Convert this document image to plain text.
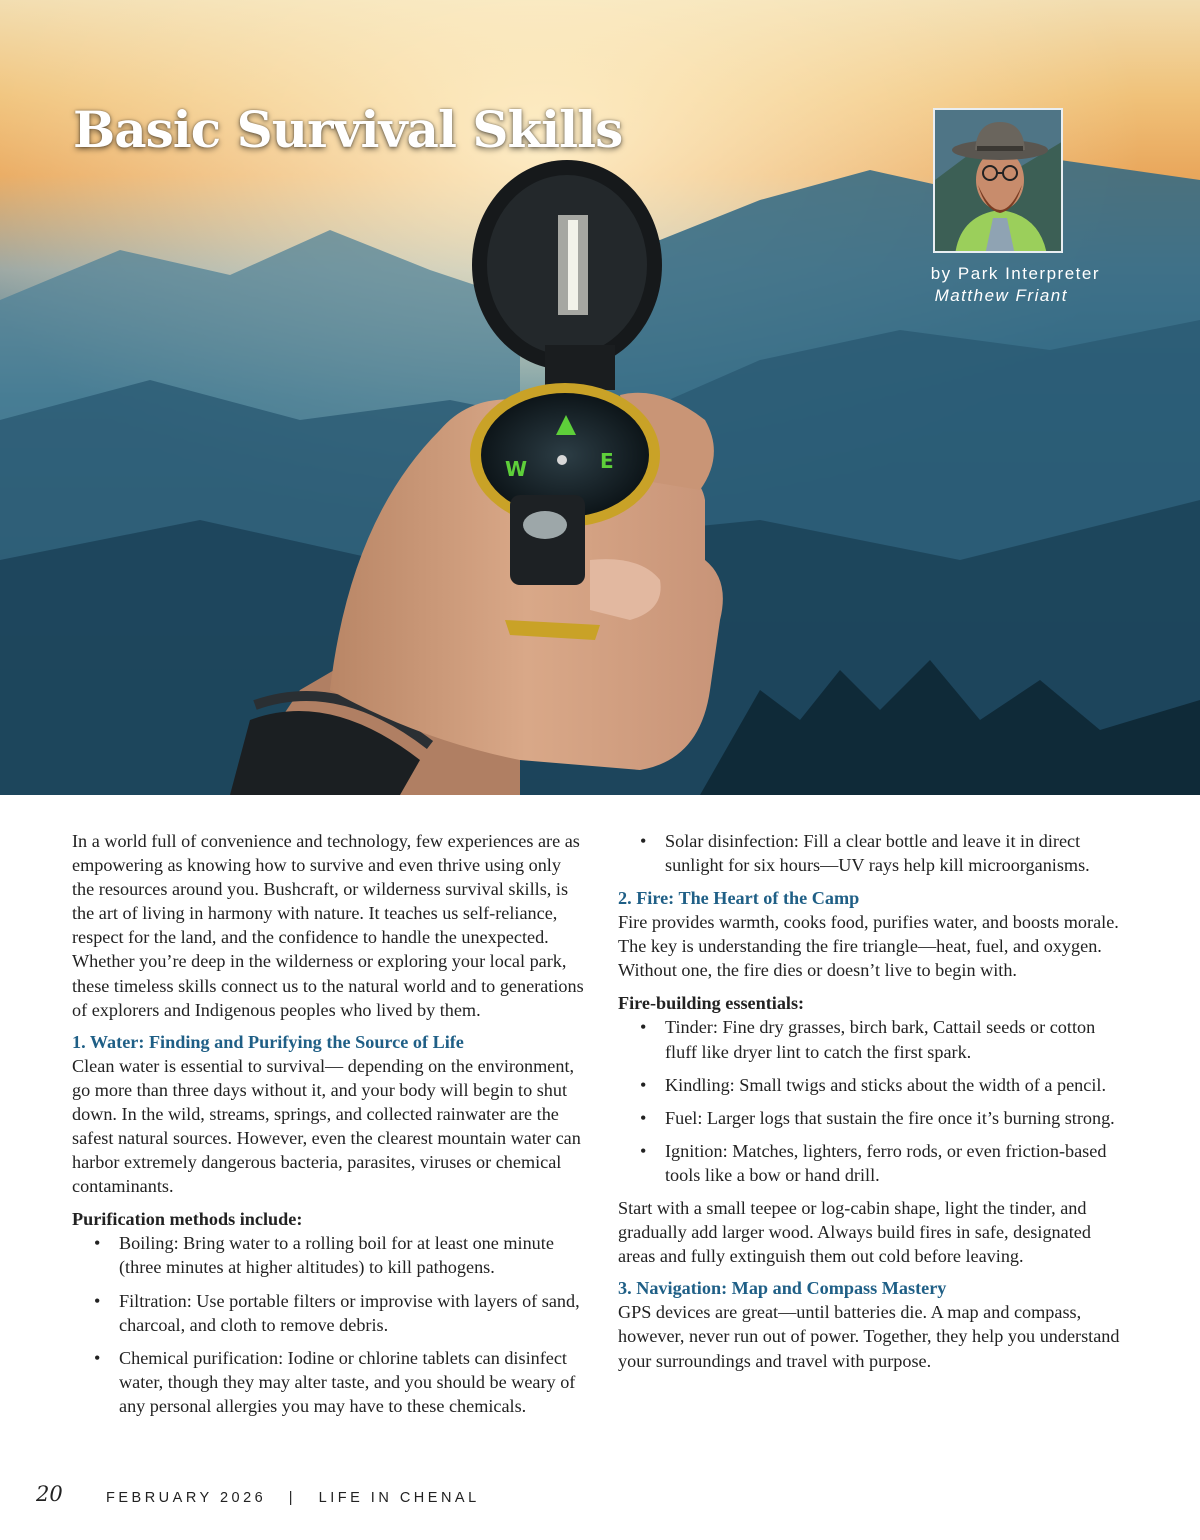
E
W
Basic Survival Skills
by Park Interpreter
Matthew Friant

In a world full of convenience and technology, few experiences are as empowering as knowing how to survive and even thrive using only the resources around you. Bushcraft, or wilderness survival skills, is the art of living in harmony with nature. It teaches us self-reliance, respect for the land, and the confidence to handle the unexpected. Whether you’re deep in the wilderness or exploring your local park, these timeless skills connect us to the natural world and to generations of explorers and Indigenous peoples who lived by them.

1. Water: Finding and Purifying the Source of Life

Clean water is essential to survival— depending on the environment, go more than three days without it, and your body will begin to shut down. In the wild, streams, springs, and collected rainwater are the safest natural sources. However, even the clearest mountain water can harbor extremely dangerous bacteria, parasites, viruses or chemical contaminants.

Purification methods include:
• Boiling: Bring water to a rolling boil for at least one minute (three minutes at higher altitudes) to kill pathogens.
• Filtration: Use portable filters or improvise with layers of sand, charcoal, and cloth to remove debris.
• Chemical purification: Iodine or chlorine tablets can disinfect water, though they may alter taste, and you should be weary of any personal allergies you may have to these chemicals.
• Solar disinfection: Fill a clear bottle and leave it in direct sunlight for six hours—UV rays help kill microorganisms.
2. Fire: The Heart of the Camp

Fire provides warmth, cooks food, purifies water, and boosts morale. The key is understanding the fire triangle—heat, fuel, and oxygen. Without one, the fire dies or doesn’t live to begin with.

Fire-building essentials:
• Tinder: Fine dry grasses, birch bark, Cattail seeds or cotton fluff like dryer lint to catch the first spark.
• Kindling: Small twigs and sticks about the width of a pencil.
• Fuel: Larger logs that sustain the fire once it’s burning strong.
• Ignition: Matches, lighters, ferro rods, or even friction-based tools like a bow or hand drill.

Start with a small teepee or log-cabin shape, light the tinder, and gradually add larger wood. Always build fires in safe, designated areas and fully extinguish them out cold before leaving.

3. Navigation: Map and Compass Mastery

GPS devices are great—until batteries die. A map and compass, however, never run out of power. Together, they help you understand your surroundings and travel with purpose.

20	FEBRUARY 2026   |   LIFE IN CHENAL
